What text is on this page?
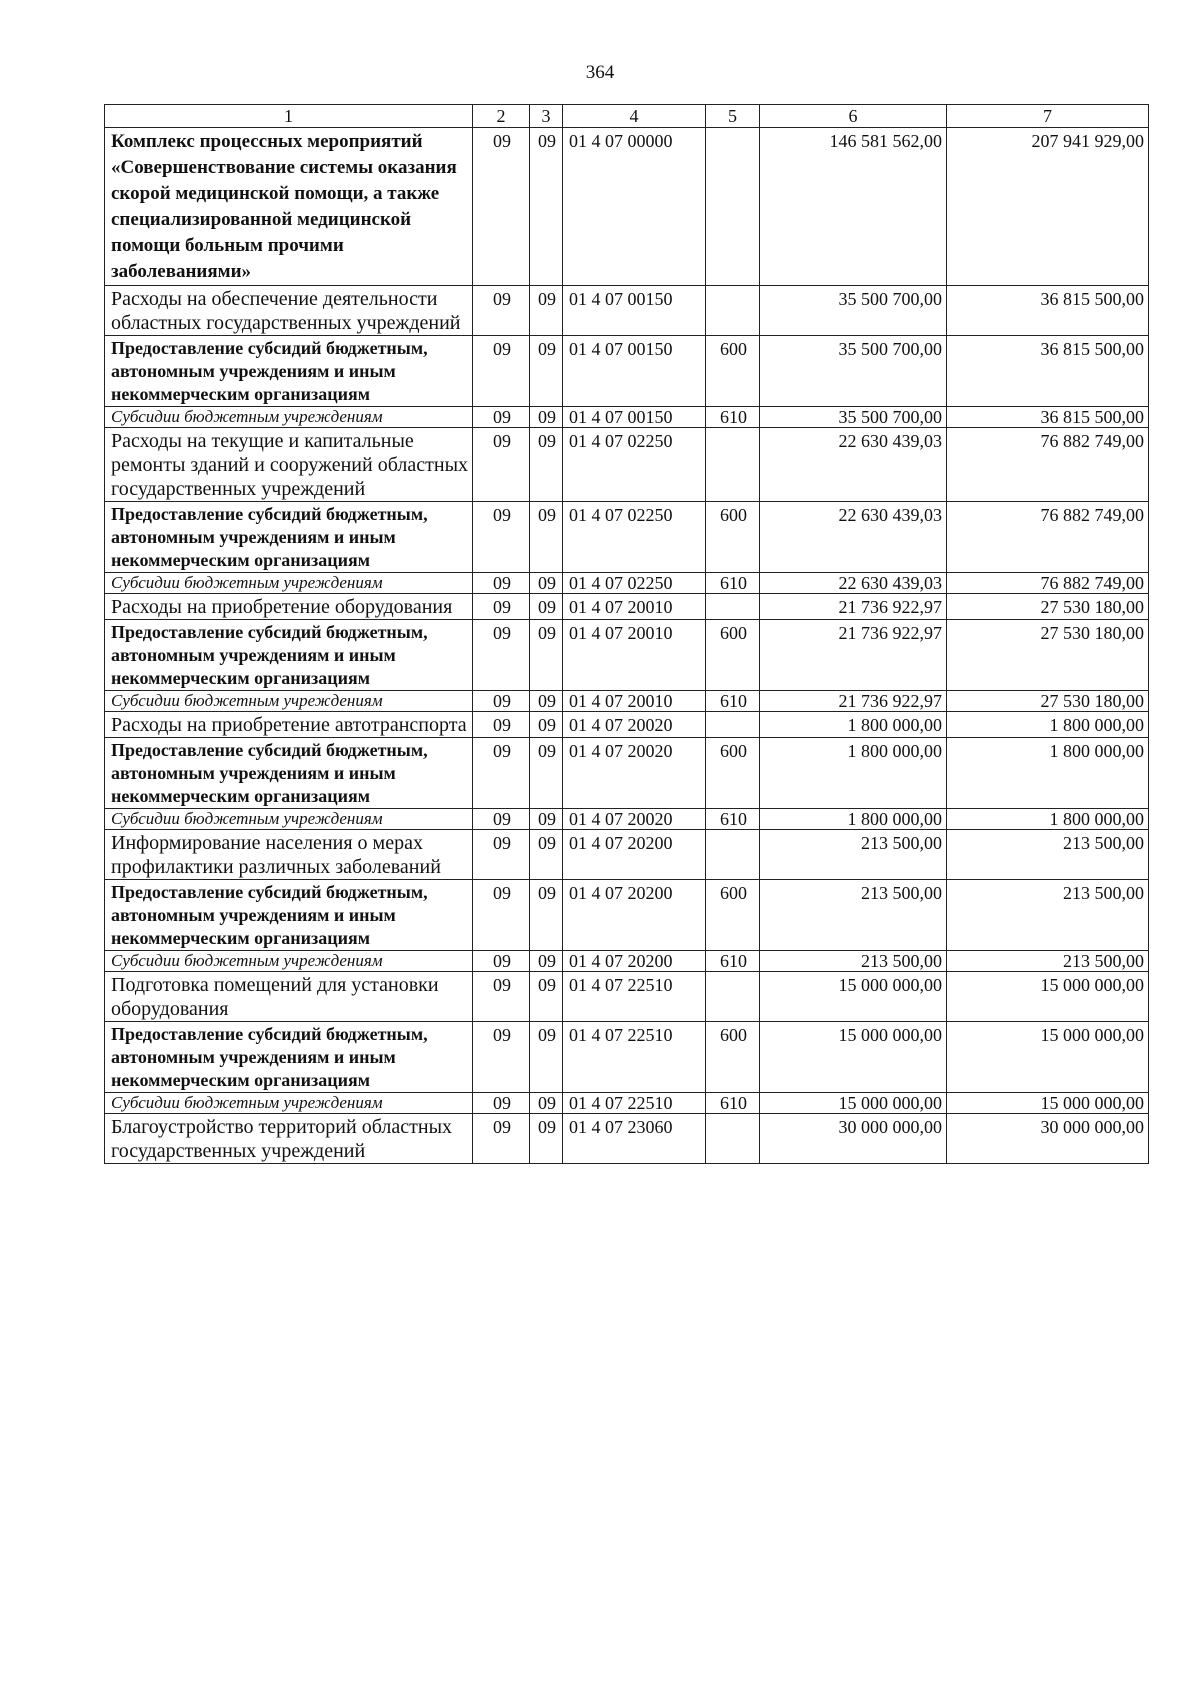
364
1	2	3	4	5	6	7
Комплекс процессных мероприятий «Совершенствование системы оказания скорой медицинской помощи, а также специализированной медицинской помощи больным прочими заболеваниями»	09	09	01 4 07 00000		146 581 562,00	207 941 929,00
Расходы на обеспечение деятельности областных государственных учреждений	09	09	01 4 07 00150		35 500 700,00	36 815 500,00
Предоставление субсидий бюджетным, автономным учреждениям и иным некоммерческим организациям	09	09	01 4 07 00150	600	35 500 700,00	36 815 500,00
Субсидии бюджетным учреждениям	09	09	01 4 07 00150	610	35 500 700,00	36 815 500,00
Расходы на текущие и капитальные ремонты зданий и сооружений областных государственных учреждений	09	09	01 4 07 02250		22 630 439,03	76 882 749,00
Предоставление субсидий бюджетным, автономным учреждениям и иным некоммерческим организациям	09	09	01 4 07 02250	600	22 630 439,03	76 882 749,00
Субсидии бюджетным учреждениям	09	09	01 4 07 02250	610	22 630 439,03	76 882 749,00
Расходы на приобретение оборудования	09	09	01 4 07 20010		21 736 922,97	27 530 180,00
Предоставление субсидий бюджетным, автономным учреждениям и иным некоммерческим организациям	09	09	01 4 07 20010	600	21 736 922,97	27 530 180,00
Субсидии бюджетным учреждениям	09	09	01 4 07 20010	610	21 736 922,97	27 530 180,00
Расходы на приобретение автотранспорта	09	09	01 4 07 20020		1 800 000,00	1 800 000,00
Предоставление субсидий бюджетным, автономным учреждениям и иным некоммерческим организациям	09	09	01 4 07 20020	600	1 800 000,00	1 800 000,00
Субсидии бюджетным учреждениям	09	09	01 4 07 20020	610	1 800 000,00	1 800 000,00
Информирование населения о мерах профилактики различных заболеваний	09	09	01 4 07 20200		213 500,00	213 500,00
Предоставление субсидий бюджетным, автономным учреждениям и иным некоммерческим организациям	09	09	01 4 07 20200	600	213 500,00	213 500,00
Субсидии бюджетным учреждениям	09	09	01 4 07 20200	610	213 500,00	213 500,00
Подготовка помещений для установки оборудования	09	09	01 4 07 22510		15 000 000,00	15 000 000,00
Предоставление субсидий бюджетным, автономным учреждениям и иным некоммерческим организациям	09	09	01 4 07 22510	600	15 000 000,00	15 000 000,00
Субсидии бюджетным учреждениям	09	09	01 4 07 22510	610	15 000 000,00	15 000 000,00
Благоустройство территорий областных государственных учреждений	09	09	01 4 07 23060		30 000 000,00	30 000 000,00
